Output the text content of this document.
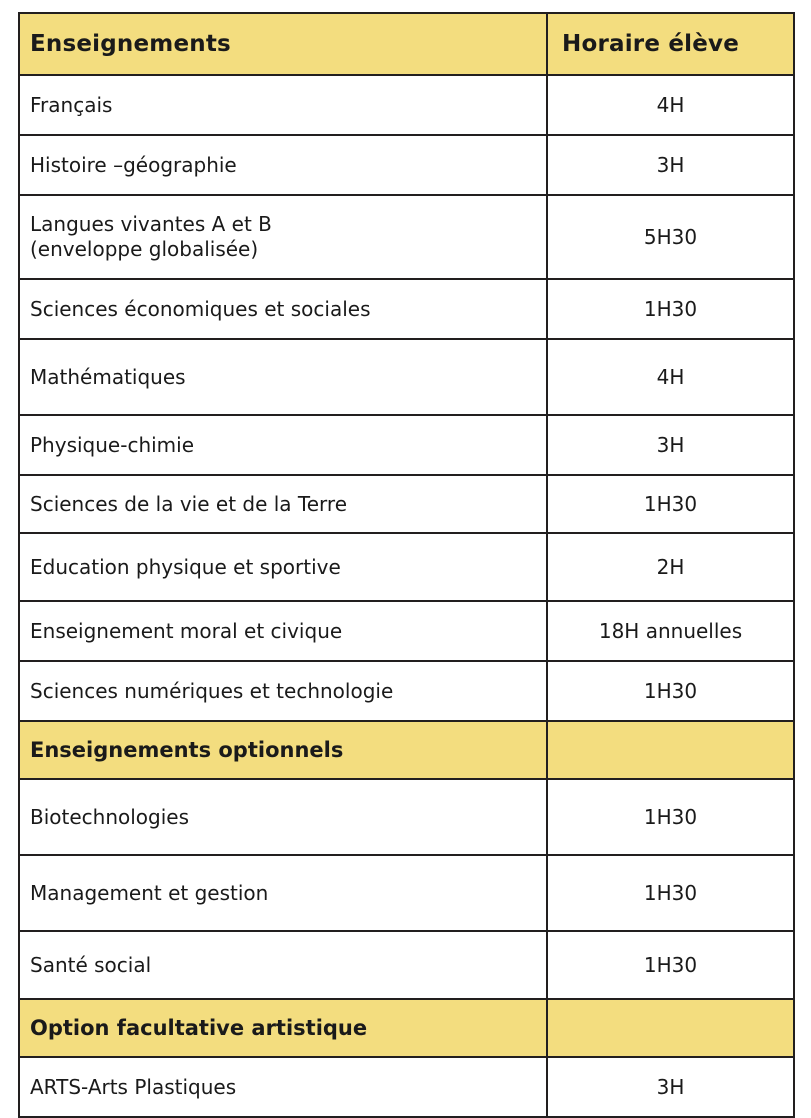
Enseignements	Horaire élève
Français	4H
Histoire –géographie	3H
Langues vivantes A et B
(enveloppe globalisée)	5H30
Sciences économiques et sociales	1H30
Mathématiques	4H
Physique-chimie	3H
Sciences de la vie et de la Terre	1H30
Education physique et sportive	2H
Enseignement moral et civique	18H annuelles
Sciences numériques et technologie	1H30
Enseignements optionnels	
Biotechnologies	1H30
Management et gestion	1H30
Santé social	1H30
Option facultative artistique	
ARTS-Arts Plastiques	3H
